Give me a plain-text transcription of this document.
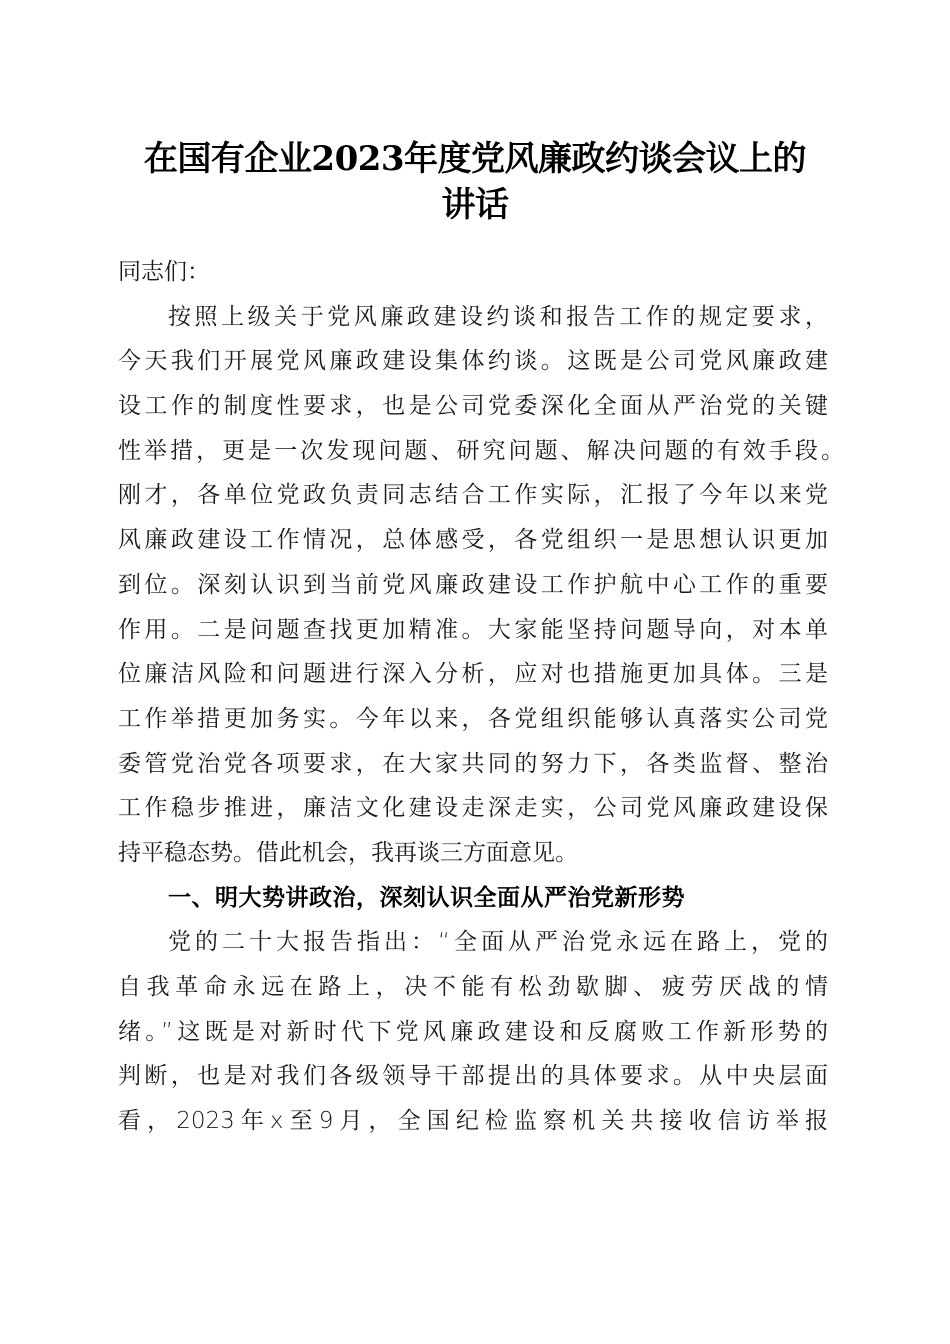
在国有企业2023年度党风廉政约谈会议上的
讲话
同志们：
按照上级关于党风廉政建设约谈和报告工作的规定要求，
今天我们开展党风廉政建设集体约谈。这既是公司党风廉政建
设工作的制度性要求，也是公司党委深化全面从严治党的关键
性举措，更是一次发现问题、研究问题、解决问题的有效手段。
刚才，各单位党政负责同志结合工作实际，汇报了今年以来党
风廉政建设工作情况，总体感受，各党组织一是思想认识更加
到位。深刻认识到当前党风廉政建设工作护航中心工作的重要
作用。二是问题查找更加精准。大家能坚持问题导向，对本单
位廉洁风险和问题进行深入分析，应对也措施更加具体。三是
工作举措更加务实。今年以来，各党组织能够认真落实公司党
委管党治党各项要求，在大家共同的努力下，各类监督、整治
工作稳步推进，廉洁文化建设走深走实，公司党风廉政建设保
持平稳态势。借此机会，我再谈三方面意见。
一、明大势讲政治，深刻认识全面从严治党新形势
党的二十大报告指出：“全面从严治党永远在路上，党的
自我革命永远在路上，决不能有松劲歇脚、疲劳厌战的情
绪。”这既是对新时代下党风廉政建设和反腐败工作新形势的
判断，也是对我们各级领导干部提出的具体要求。从中央层面
看，2023年x至9月，全国纪检监察机关共接收信访举报
